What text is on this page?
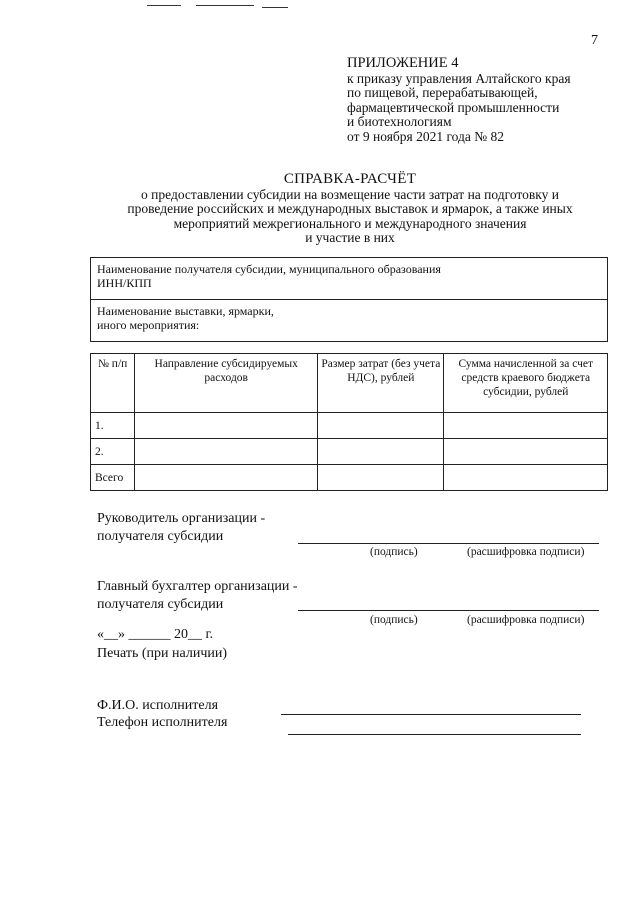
7
ПРИЛОЖЕНИЕ 4
к приказу управления Алтайского края
по пищевой, перерабатывающей,
фармацевтической промышленности
и биотехнологиям
от 9 ноября 2021 года № 82
СПРАВКА-РАСЧЁТ
о предоставлении субсидии на возмещение части затрат на подготовку и
проведение российских и международных выставок и ярмарок, а также иных
мероприятий межрегионального и международного значения
и участие в них
Наименование получателя субсидии, муниципального образования
ИНН/КПП

Наименование выставки, ярмарки,
иного мероприятия:
№ п/п	Направление субсидируемых расходов	Размер затрат (без учета НДС), рублей	Сумма начисленной за счет средств краевого бюджета субсидии, рублей
1.			
2.			
Всего			
Руководитель организации -
получателя субсидии
(подпись)	(расшифровка подписи)
Главный бухгалтер организации -
получателя субсидии
(подпись)	(расшифровка подписи)
«__» ______ 20__ г.
Печать (при наличии)
Ф.И.О. исполнителя
Телефон исполнителя
